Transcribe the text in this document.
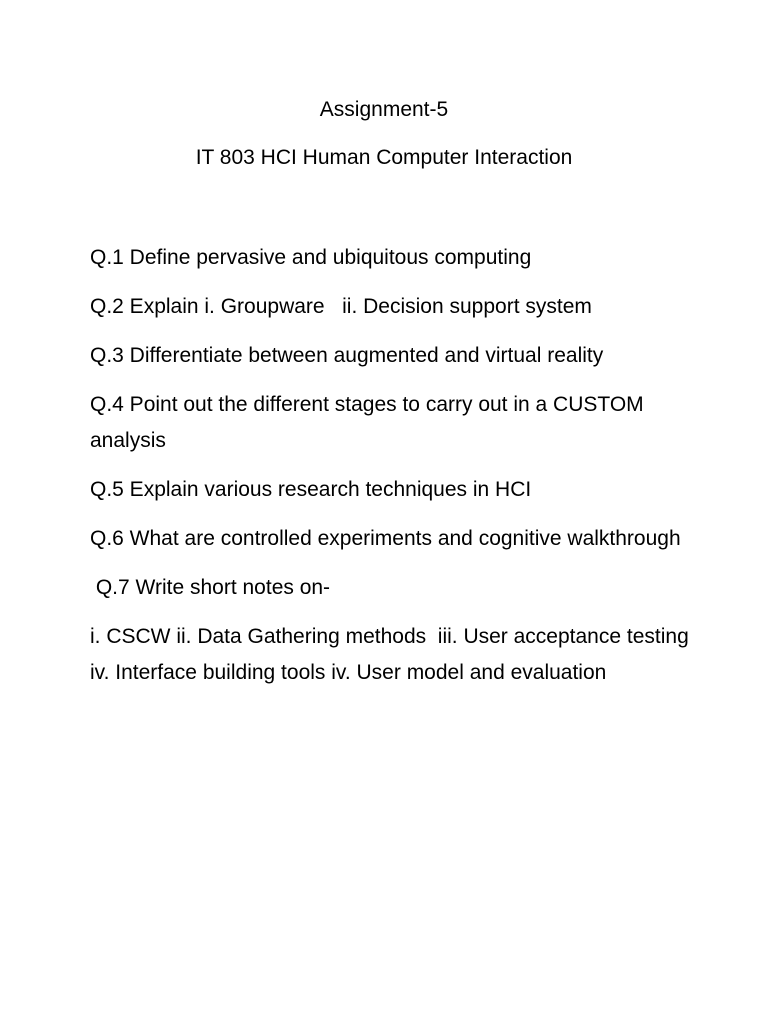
Assignment-5
IT 803 HCI Human Computer Interaction
Q.1 Define pervasive and ubiquitous computing
Q.2 Explain i. Groupware   ii. Decision support system
Q.3 Differentiate between augmented and virtual reality
Q.4 Point out the different stages to carry out in a CUSTOM analysis
Q.5 Explain various research techniques in HCI
Q.6 What are controlled experiments and cognitive walkthrough
Q.7 Write short notes on-
i. CSCW ii. Data Gathering methods  iii. User acceptance testing iv. Interface building tools iv. User model and evaluation
